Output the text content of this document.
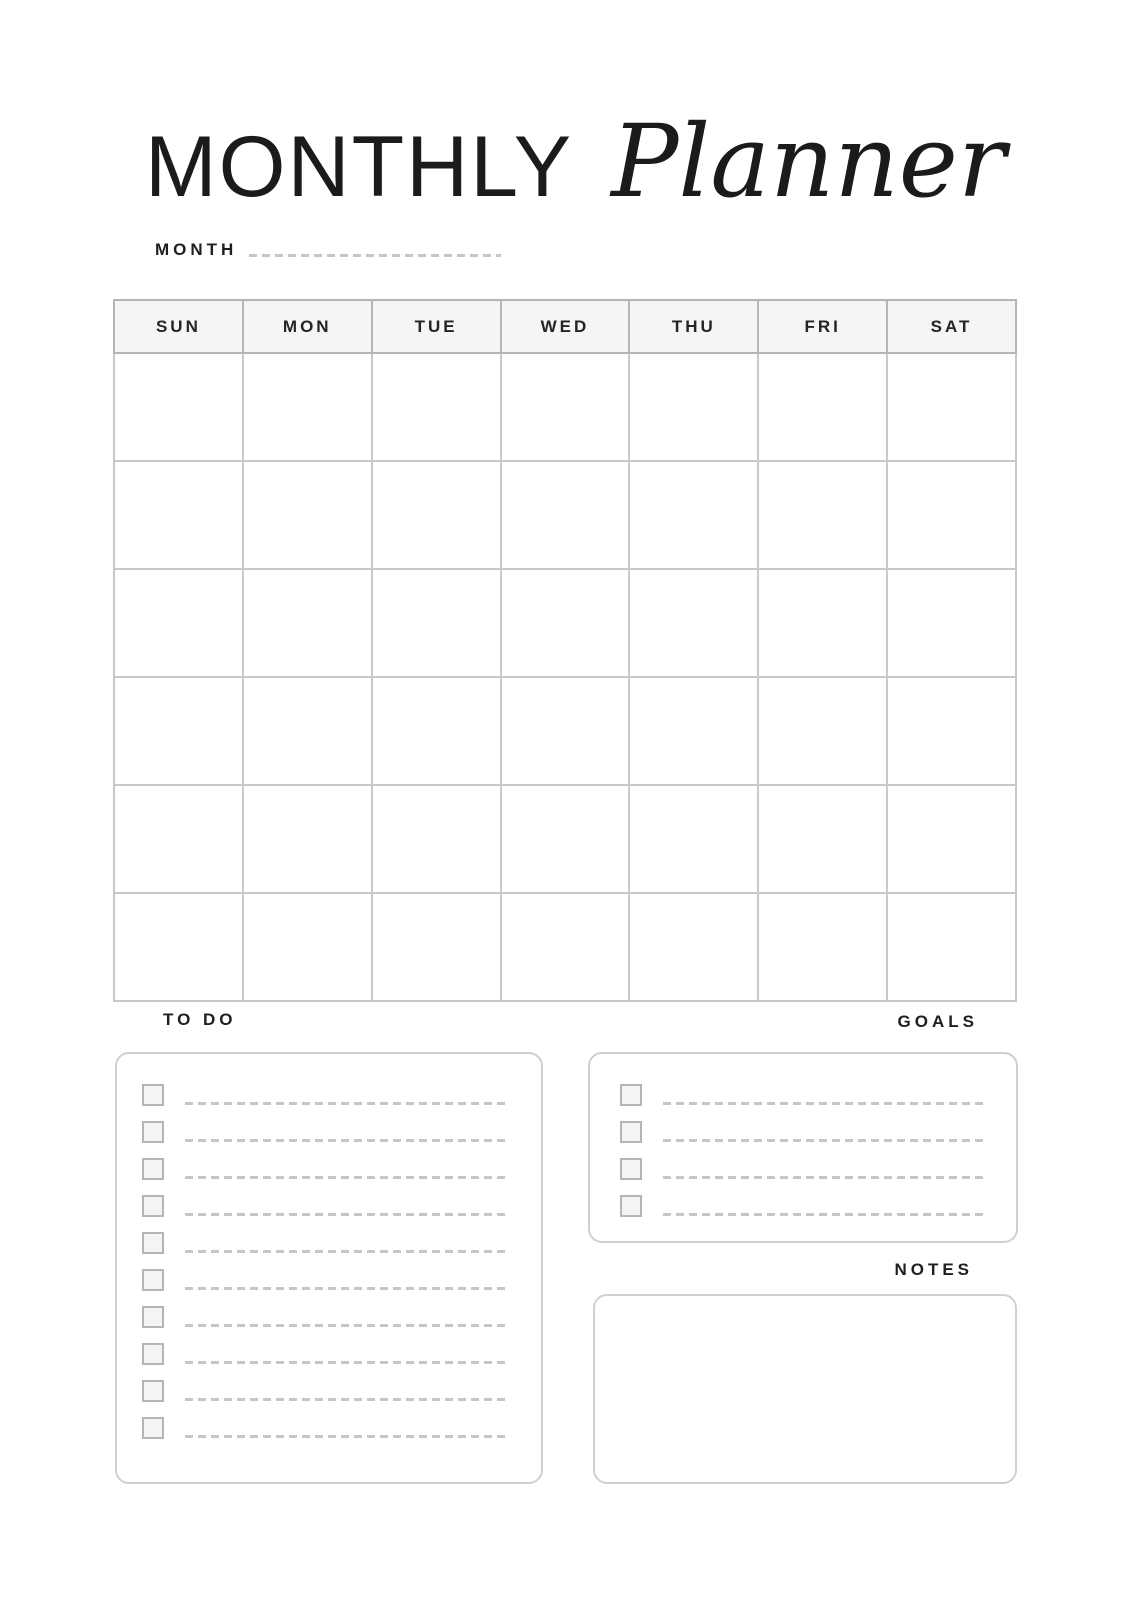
MONTHLY Planner
MONTH
SUN	MON	TUE	WED	THU	FRI	SAT

TO DO	GOALS
NOTES
